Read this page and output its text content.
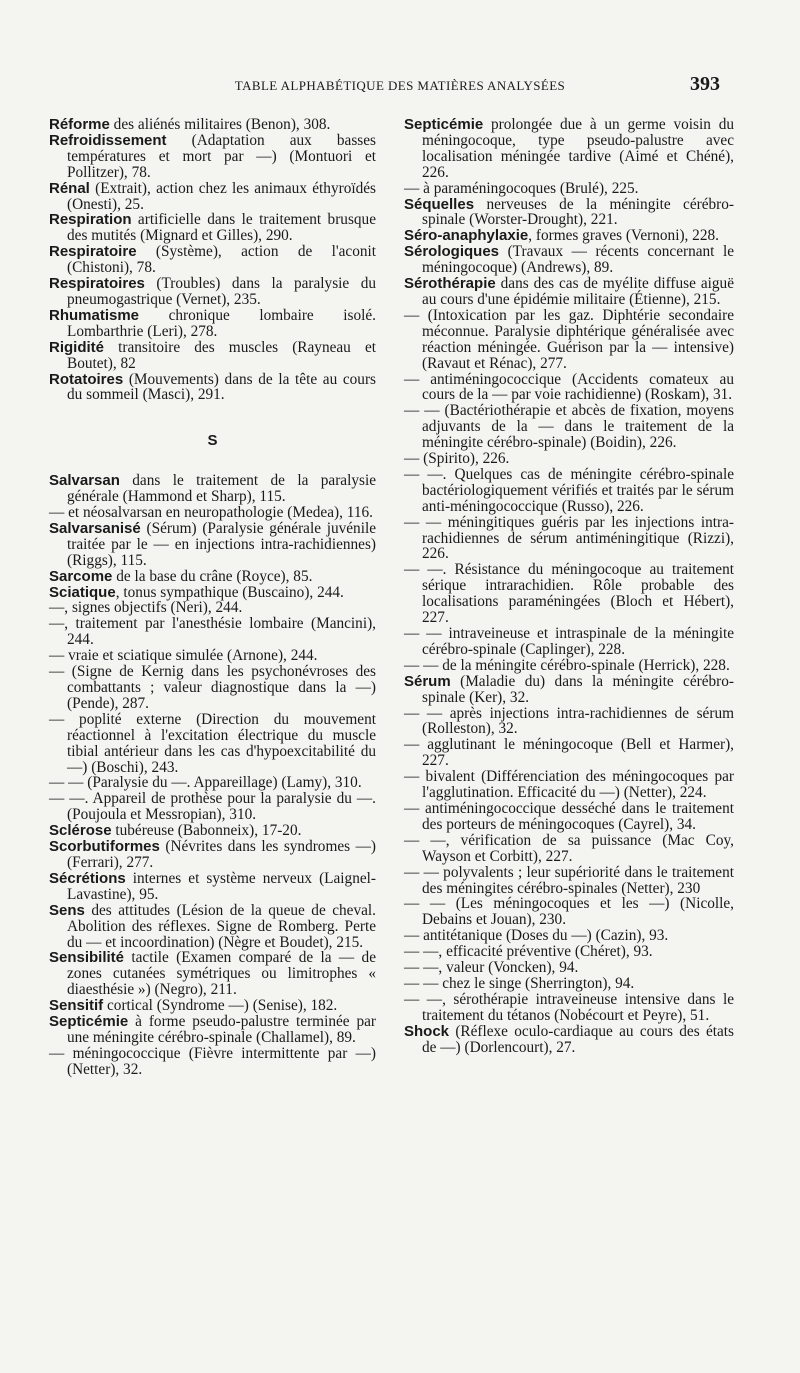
TABLE ALPHABÉTIQUE DES MATIÈRES ANALYSÉES	393

Réforme des aliénés militaires (Benon), 308.

Refroidissement (Adaptation aux basses températures et mort par —) (Montuori et Pollitzer), 78.

Rénal (Extrait), action chez les animaux éthyroïdés (Onesti), 25.

Respiration artificielle dans le traitement brusque des mutités (Mignard et Gilles), 290.

Respiratoire (Système), action de l'aconit (Chistoni), 78.

Respiratoires (Troubles) dans la paralysie du pneumogastrique (Vernet), 235.

Rhumatisme chronique lombaire isolé. Lombarthrie (Leri), 278.

Rigidité transitoire des muscles (Rayneau et Boutet), 82

Rotatoires (Mouvements) dans de la tête au cours du sommeil (Masci), 291.

S

Salvarsan dans le traitement de la paralysie générale (Hammond et Sharp), 115.

— et néosalvarsan en neuropathologie (Medea), 116.

Salvarsanisé (Sérum) (Paralysie générale juvénile traitée par le — en injections intra-rachidiennes) (Riggs), 115.

Sarcome de la base du crâne (Royce), 85.

Sciatique, tonus sympathique (Buscaino), 244.

—, signes objectifs (Neri), 244.

—, traitement par l'anesthésie lombaire (Mancini), 244.

— vraie et sciatique simulée (Arnone), 244.

— (Signe de Kernig dans les psychonévroses des combattants ; valeur diagnostique dans la —) (Pende), 287.

— poplité externe (Direction du mouvement réactionnel à l'excitation électrique du muscle tibial antérieur dans les cas d'hypoexcitabilité du —) (Boschi), 243.

— — (Paralysie du —. Appareillage) (Lamy), 310.

— —. Appareil de prothèse pour la paralysie du —. (Poujoula et Messropian), 310.

Sclérose tubéreuse (Babonneix), 17-20.

Scorbutiformes (Névrites dans les syndromes —) (Ferrari), 277.

Sécrétions internes et système nerveux (Laignel-Lavastine), 95.

Sens des attitudes (Lésion de la queue de cheval. Abolition des réflexes. Signe de Romberg. Perte du — et incoordination) (Nègre et Boudet), 215.

Sensibilité tactile (Examen comparé de la — de zones cutanées symétriques ou limitrophes « diaesthésie ») (Negro), 211.

Sensitif cortical (Syndrome —) (Senise), 182.

Septicémie à forme pseudo-palustre terminée par une méningite cérébro-spinale (Challamel), 89.

— méningococcique (Fièvre intermittente par —) (Netter), 32.

Septicémie prolongée due à un germe voisin du méningocoque, type pseudo-palustre avec localisation méningée tardive (Aimé et Chéné), 226.

— à paraméningocoques (Brulé), 225.

Séquelles nerveuses de la méningite cérébro-spinale (Worster-Drought), 221.

Séro-anaphylaxie, formes graves (Vernoni), 228.

Sérologiques (Travaux — récents concernant le méningocoque) (Andrews), 89.

Sérothérapie dans des cas de myélite diffuse aiguë au cours d'une épidémie militaire (Étienne), 215.

— (Intoxication par les gaz. Diphtérie secondaire méconnue. Paralysie diphtérique généralisée avec réaction méningée. Guérison par la — intensive) (Ravaut et Rénac), 277.

— antiméningococcique (Accidents comateux au cours de la — par voie rachidienne) (Roskam), 31.

— — (Bactériothérapie et abcès de fixation, moyens adjuvants de la — dans le traitement de la méningite cérébro-spinale) (Boidin), 226.

— (Spirito), 226.

— —. Quelques cas de méningite cérébro-spinale bactériologiquement vérifiés et traités par le sérum anti-méningococcique (Russo), 226.

— — méningitiques guéris par les injections intra-rachidiennes de sérum antiméningitique (Rizzi), 226.

— —. Résistance du méningocoque au traitement sérique intrarachidien. Rôle probable des localisations paraméningées (Bloch et Hébert), 227.

— — intraveineuse et intraspinale de la méningite cérébro-spinale (Caplinger), 228.

— — de la méningite cérébro-spinale (Herrick), 228.

Sérum (Maladie du) dans la méningite cérébro-spinale (Ker), 32.

— — après injections intra-rachidiennes de sérum (Rolleston), 32.

— agglutinant le méningocoque (Bell et Harmer), 227.

— bivalent (Différenciation des méningocoques par l'agglutination. Efficacité du —) (Netter), 224.

— antiméningococcique desséché dans le traitement des porteurs de méningocoques (Cayrel), 34.

— —, vérification de sa puissance (Mac Coy, Wayson et Corbitt), 227.

— — polyvalents ; leur supériorité dans le traitement des méningites cérébro-spinales (Netter), 230

— — (Les méningocoques et les —) (Nicolle, Debains et Jouan), 230.

— antitétanique (Doses du —) (Cazin), 93.

— —, efficacité préventive (Chéret), 93.

— —, valeur (Voncken), 94.

— — chez le singe (Sherrington), 94.

— —, sérothérapie intraveineuse intensive dans le traitement du tétanos (Nobécourt et Peyre), 51.

Shock (Réflexe oculo-cardiaque au cours des états de —) (Dorlencourt), 27.
